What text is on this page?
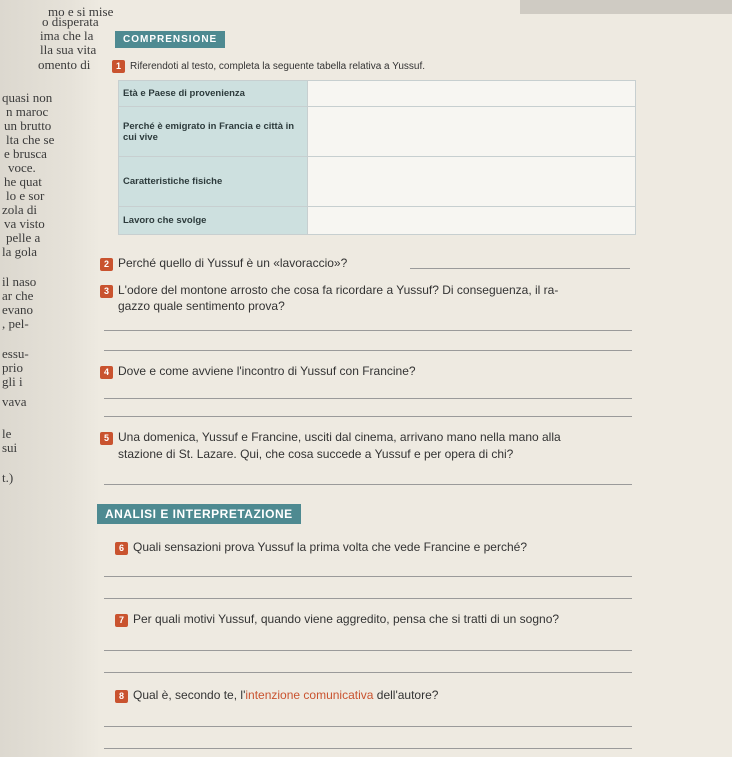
mo e si mise
o disperata
ima che la
lla sua vita
omento di
quasi non
n maroc
un brutto
lta che se
e brusca
voce.
he quat
lo e sor
zola di
va visto
pelle a
la gola
il naso
ar che
evano
, pel-
essu-
prio
gli i
vava
le
sui
t.)
COMPRENSIONE
1 Riferendoti al testo, completa la seguente tabella relativa a Yussuf.
Età e Paese di provenienza	
Perché è emigrato in Francia e città in cui vive	
Caratteristiche fisiche	
Lavoro che svolge	
2 Perché quello di Yussuf è un «lavoraccio»?
3 L'odore del montone arrosto che cosa fa ricordare a Yussuf? Di conseguenza, il ra-
gazzo quale sentimento prova?
4 Dove e come avviene l'incontro di Yussuf con Francine?
5 Una domenica, Yussuf e Francine, usciti dal cinema, arrivano mano nella mano alla
stazione di St. Lazare. Qui, che cosa succede a Yussuf e per opera di chi?
ANALISI E INTERPRETAZIONE
6 Quali sensazioni prova Yussuf la prima volta che vede Francine e perché?
7 Per quali motivi Yussuf, quando viene aggredito, pensa che si tratti di un sogno?
8 Qual è, secondo te, l'intenzione comunicativa dell'autore?
